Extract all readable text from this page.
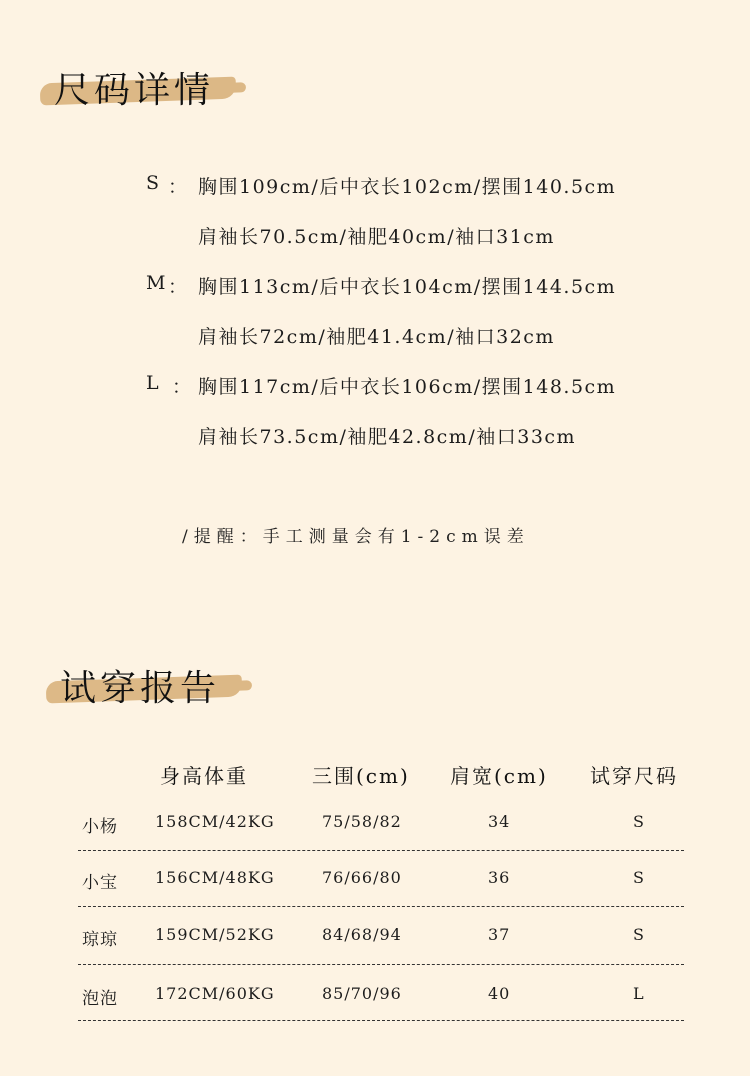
尺码详情
S ： 胸围109cm/后中衣长102cm/摆围140.5cm
肩袖长70.5cm/袖肥40cm/袖口31cm
M ： 胸围113cm/后中衣长104cm/摆围144.5cm
肩袖长72cm/袖肥41.4cm/袖口32cm
L ： 胸围117cm/后中衣长106cm/摆围148.5cm
肩袖长73.5cm/袖肥42.8cm/袖口33cm
/提醒：手工测量会有1-2cm误差
试穿报告
身高体重	三围(cm) 肩宽(cm) 试穿尺码
小杨 158CM/42KG	75/58/82	34	S
小宝 156CM/48KG	76/66/80	36	S
琼琼 159CM/52KG	84/68/94	37	S
泡泡 172CM/60KG	85/70/96	40	L
